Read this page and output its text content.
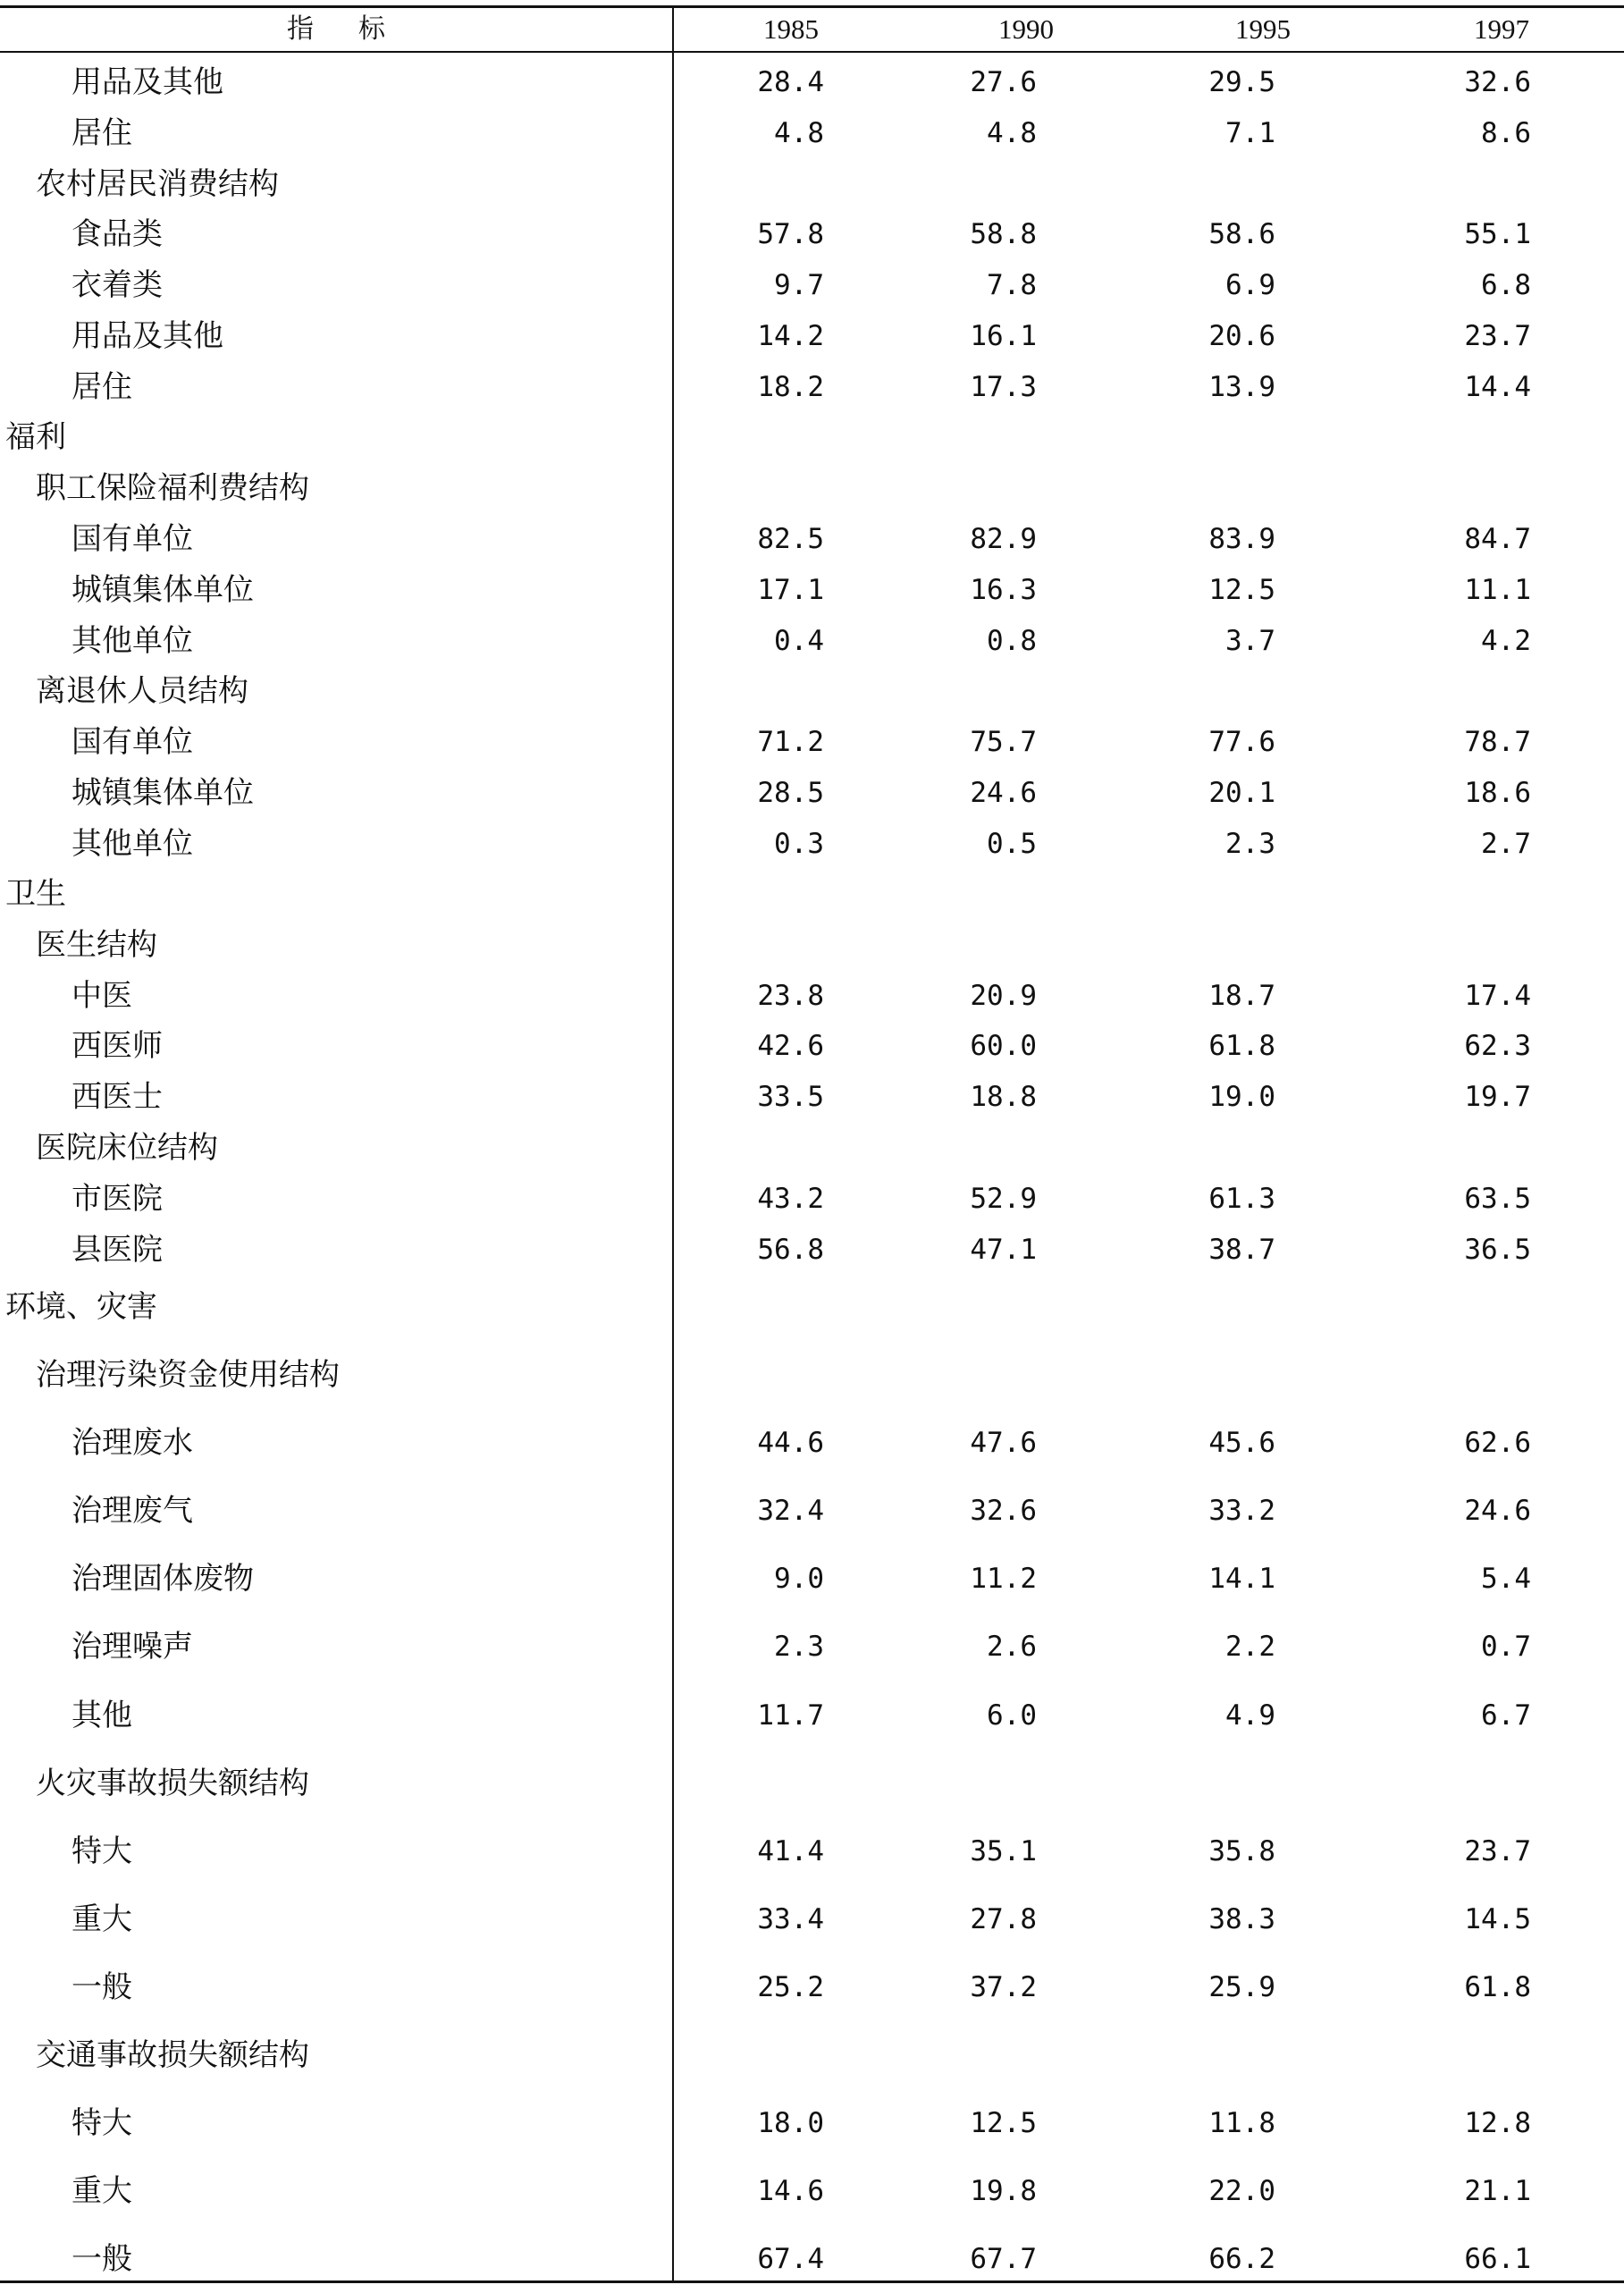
指标	1985	1990	1995	1997
用品及其他	28.4	27.6	29.5	32.6
居住	4.8	4.8	7.1	8.6
农村居民消费结构
食品类	57.8	58.8	58.6	55.1
衣着类	9.7	7.8	6.9	6.8
用品及其他	14.2	16.1	20.6	23.7
居住	18.2	17.3	13.9	14.4
福利
职工保险福利费结构
国有单位	82.5	82.9	83.9	84.7
城镇集体单位	17.1	16.3	12.5	11.1
其他单位	0.4	0.8	3.7	4.2
离退休人员结构
国有单位	71.2	75.7	77.6	78.7
城镇集体单位	28.5	24.6	20.1	18.6
其他单位	0.3	0.5	2.3	2.7
卫生
医生结构
中医	23.8	20.9	18.7	17.4
西医师	42.6	60.0	61.8	62.3
西医士	33.5	18.8	19.0	19.7
医院床位结构
市医院	43.2	52.9	61.3	63.5
县医院	56.8	47.1	38.7	36.5
环境、灾害
治理污染资金使用结构
治理废水	44.6	47.6	45.6	62.6
治理废气	32.4	32.6	33.2	24.6
治理固体废物	9.0	11.2	14.1	5.4
治理噪声	2.3	2.6	2.2	0.7
其他	11.7	6.0	4.9	6.7
火灾事故损失额结构
特大	41.4	35.1	35.8	23.7
重大	33.4	27.8	38.3	14.5
一般	25.2	37.2	25.9	61.8
交通事故损失额结构
特大	18.0	12.5	11.8	12.8
重大	14.6	19.8	22.0	21.1
一般	67.4	67.7	66.2	66.1
